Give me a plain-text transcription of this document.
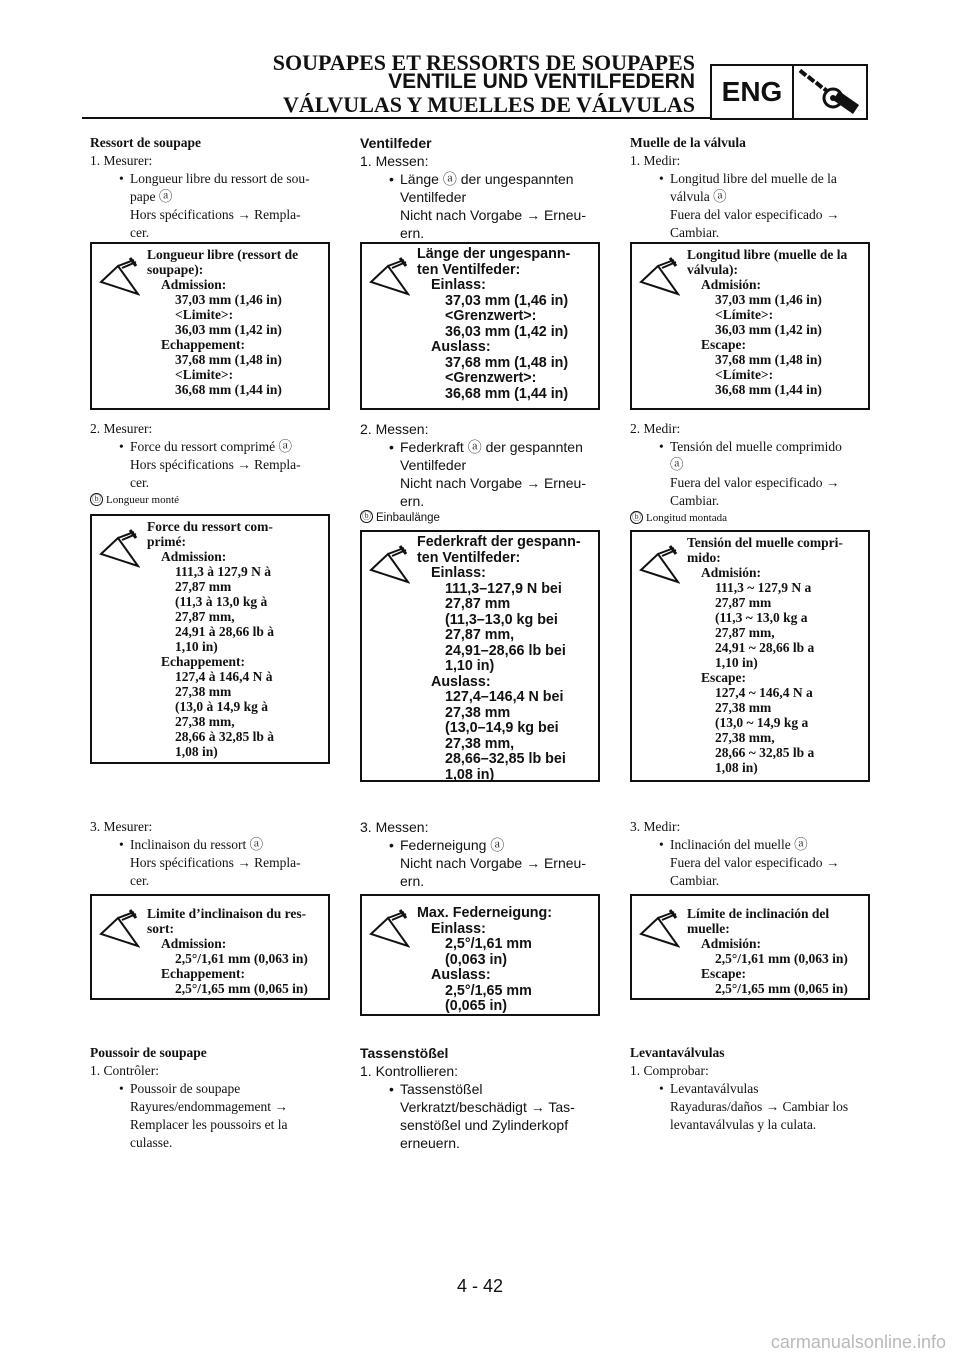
SOUPAPES ET RESSORTS DE SOUPAPES
VENTILE UND VENTILFEDERN
VÁLVULAS Y MUELLES DE VÁLVULAS ENG

Ressort de soupape

1. Mesurer:

• Longueur libre du ressort de sou-

pape ⓐ

Hors spécifications → Rempla-

cer.

Longueur libre (ressort de
soupape):
Admission:
37,03 mm (1,46 in)
<Limite>:
36,03 mm (1,42 in)
Echappement:
37,68 mm (1,48 in)
<Limite>:
36,68 mm (1,44 in)

2. Mesurer:

• Force du ressort comprimé ⓐ

Hors spécifications → Rempla-

cer.

ⓑ Longueur monté
Force du ressort com-
primé:
Admission:
111,3 à 127,9 N à
27,87 mm
(11,3 à 13,0 kg à
27,87 mm,
24,91 à 28,66 lb à
1,10 in)
Echappement:
127,4 à 146,4 N à
27,38 mm
(13,0 à 14,9 kg à
27,38 mm,
28,66 à 32,85 lb à
1,08 in)

3. Mesurer:

• Inclinaison du ressort ⓐ

Hors spécifications → Rempla-

cer.

Limite d’inclinaison du res-
sort:
Admission:
2,5°/1,61 mm (0,063 in)
Echappement:
2,5°/1,65 mm (0,065 in)

Poussoir de soupape

1. Contrôler:

• Poussoir de soupape

Rayures/endommagement →

Remplacer les poussoirs et la

culasse.

Ventilfeder

1. Messen:

• Länge ⓐ der ungespannten

Ventilfeder

Nicht nach Vorgabe → Erneu-

ern.

Länge der ungespann-
ten Ventilfeder:
Einlass:
37,03 mm (1,46 in)
<Grenzwert>:
36,03 mm (1,42 in)
Auslass:
37,68 mm (1,48 in)
<Grenzwert>:
36,68 mm (1,44 in)

2. Messen:

• Federkraft ⓐ der gespannten

Ventilfeder

Nicht nach Vorgabe → Erneu-

ern.

ⓑ Einbaulänge
Federkraft der gespann-
ten Ventilfeder:
Einlass:
111,3–127,9 N bei
27,87 mm
(11,3–13,0 kg bei
27,87 mm,
24,91–28,66 lb bei
1,10 in)
Auslass:
127,4–146,4 N bei
27,38 mm
(13,0–14,9 kg bei
27,38 mm,
28,66–32,85 lb bei
1,08 in)

3. Messen:

• Federneigung ⓐ

Nicht nach Vorgabe → Erneu-

ern.

Max. Federneigung:
Einlass:
2,5°/1,61 mm
(0,063 in)
Auslass:
2,5°/1,65 mm
(0,065 in)

Tassenstößel

1. Kontrollieren:

• Tassenstößel

Verkratzt/beschädigt → Tas-

senstößel und Zylinderkopf

erneuern.

Muelle de la válvula

1. Medir:

• Longitud libre del muelle de la

válvula ⓐ

Fuera del valor especificado →

Cambiar.

Longitud libre (muelle de la
válvula):
Admisión:
37,03 mm (1,46 in)
<Límite>:
36,03 mm (1,42 in)
Escape:
37,68 mm (1,48 in)
<Límite>:
36,68 mm (1,44 in)

2. Medir:

• Tensión del muelle comprimido

ⓐ

Fuera del valor especificado →

Cambiar.

ⓑ Longitud montada
Tensión del muelle compri-
mido:
Admisión:
111,3 ~ 127,9 N a
27,87 mm
(11,3 ~ 13,0 kg a
27,87 mm,
24,91 ~ 28,66 lb a
1,10 in)
Escape:
127,4 ~ 146,4 N a
27,38 mm
(13,0 ~ 14,9 kg a
27,38 mm,
28,66 ~ 32,85 lb a
1,08 in)

3. Medir:

• Inclinación del muelle ⓐ

Fuera del valor especificado →

Cambiar.

Límite de inclinación del
muelle:
Admisión:
2,5°/1,61 mm (0,063 in)
Escape:
2,5°/1,65 mm (0,065 in)

Levantaválvulas

1. Comprobar:

• Levantaválvulas

Rayaduras/daños → Cambiar los

levantaválvulas y la culata.

4 - 42
carmanualsonline.info
